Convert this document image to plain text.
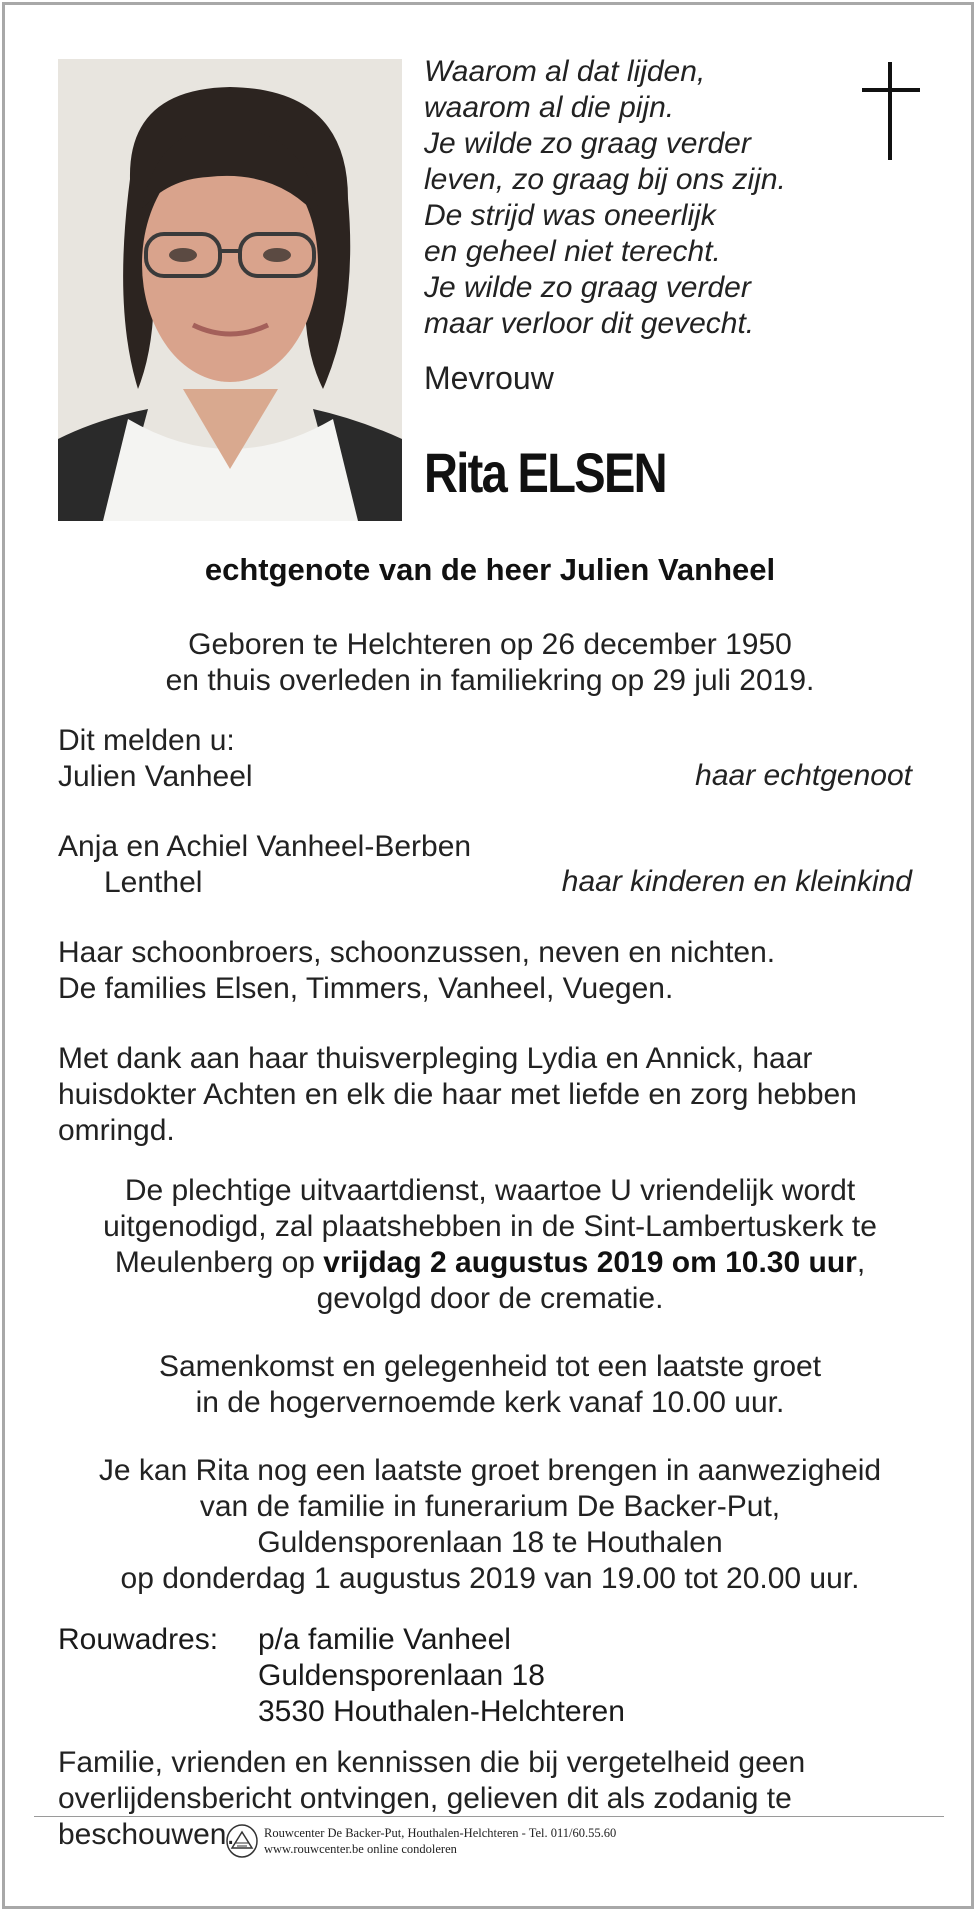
Waarom al dat lijden,
waarom al die pijn.
Je wilde zo graag verder
leven, zo graag bij ons zijn.
De strijd was oneerlijk
en geheel niet terecht.
Je wilde zo graag verder
maar verloor dit gevecht.
Mevrouw
Rita ELSEN
echtgenote van de heer Julien Vanheel
Geboren te Helchteren op 26 december 1950
en thuis overleden in familiekring op 29 juli 2019.
Dit melden u:
Julien Vanheel	haar echtgenoot
Anja en Achiel Vanheel-Berben
Lenthel	haar kinderen en kleinkind
Haar schoonbroers, schoonzussen, neven en nichten.
De families Elsen, Timmers, Vanheel, Vuegen.
Met dank aan haar thuisverpleging Lydia en Annick, haar
huisdokter Achten en elk die haar met liefde en zorg hebben
omringd.
De plechtige uitvaartdienst, waartoe U vriendelijk wordt
uitgenodigd, zal plaatshebben in de Sint-Lambertuskerk te
Meulenberg op vrijdag 2 augustus 2019 om 10.30 uur,
gevolgd door de crematie.
Samenkomst en gelegenheid tot een laatste groet
in de hogervernoemde kerk vanaf 10.00 uur.
Je kan Rita nog een laatste groet brengen in aanwezigheid
van de familie in funerarium De Backer-Put,
Guldensporenlaan 18 te Houthalen
op donderdag 1 augustus 2019 van 19.00 tot 20.00 uur.
Rouwadres: p/a familie Vanheel
Guldensporenlaan 18
3530 Houthalen-Helchteren
Familie, vrienden en kennissen die bij vergetelheid geen
overlijdensbericht ontvingen, gelieven dit als zodanig te
beschouwen.	Rouwcenter De Backer-Put, Houthalen-Helchteren - Tel. 011/60.55.60
www.rouwcenter.be online condoleren
